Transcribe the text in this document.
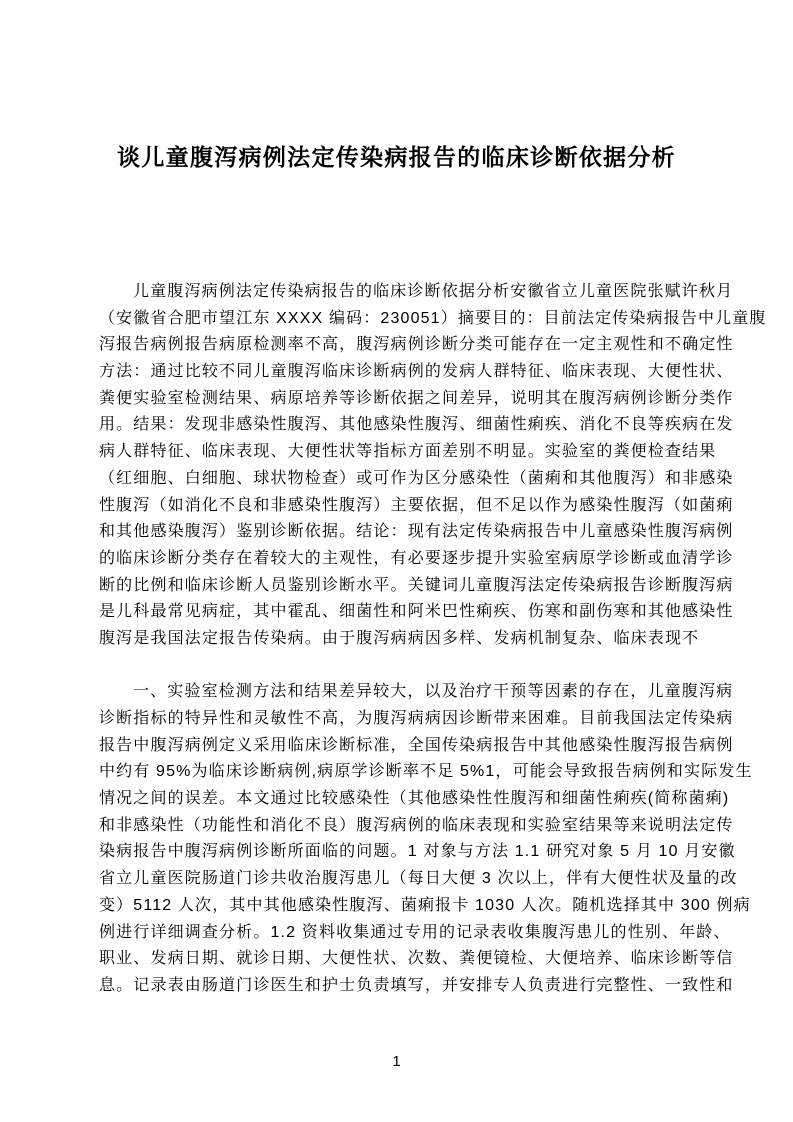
谈儿童腹泻病例法定传染病报告的临床诊断依据分析
儿童腹泻病例法定传染病报告的临床诊断依据分析安徽省立儿童医院张赋许秋月
（安徽省合肥市望江东 XXXX 编码：230051）摘要目的：目前法定传染病报告中儿童腹
泻报告病例报告病原检测率不高，腹泻病例诊断分类可能存在一定主观性和不确定性
方法：通过比较不同儿童腹泻临床诊断病例的发病人群特征、临床表现、大便性状、
粪便实验室检测结果、病原培养等诊断依据之间差异，说明其在腹泻病例诊断分类作
用。结果：发现非感染性腹泻、其他感染性腹泻、细菌性痢疾、消化不良等疾病在发
病人群特征、临床表现、大便性状等指标方面差别不明显。实验室的粪便检查结果
（红细胞、白细胞、球状物检查）或可作为区分感染性（菌痢和其他腹泻）和非感染
性腹泻（如消化不良和非感染性腹泻）主要依据，但不足以作为感染性腹泻（如菌痢
和其他感染腹泻）鉴别诊断依据。结论：现有法定传染病报告中儿童感染性腹泻病例
的临床诊断分类存在着较大的主观性，有必要逐步提升实验室病原学诊断或血清学诊
断的比例和临床诊断人员鉴别诊断水平。关键词儿童腹泻法定传染病报告诊断腹泻病
是儿科最常见病症，其中霍乱、细菌性和阿米巴性痢疾、伤寒和副伤寒和其他感染性
腹泻是我国法定报告传染病。由于腹泻病病因多样、发病机制复杂、临床表现不
一、实验室检测方法和结果差异较大，以及治疗干预等因素的存在，儿童腹泻病
诊断指标的特异性和灵敏性不高，为腹泻病病因诊断带来困难。目前我国法定传染病
报告中腹泻病例定义采用临床诊断标准，全国传染病报告中其他感染性腹泻报告病例
中约有 95%为临床诊断病例,病原学诊断率不足 5%1，可能会导致报告病例和实际发生
情况之间的误差。本文通过比较感染性（其他感染性性腹泻和细菌性痢疾(简称菌痢)
和非感染性（功能性和消化不良）腹泻病例的临床表现和实验室结果等来说明法定传
染病报告中腹泻病例诊断所面临的问题。1 对象与方法 1.1 研究对象 5 月 10 月安徽
省立儿童医院肠道门诊共收治腹泻患儿（每日大便 3 次以上，伴有大便性状及量的改
变）5112 人次，其中其他感染性腹泻、菌痢报卡 1030 人次。随机选择其中 300 例病
例进行详细调查分析。1.2 资料收集通过专用的记录表收集腹泻患儿的性别、年龄、
职业、发病日期、就诊日期、大便性状、次数、粪便镜检、大便培养、临床诊断等信
息。记录表由肠道门诊医生和护士负责填写，并安排专人负责进行完整性、一致性和
1
